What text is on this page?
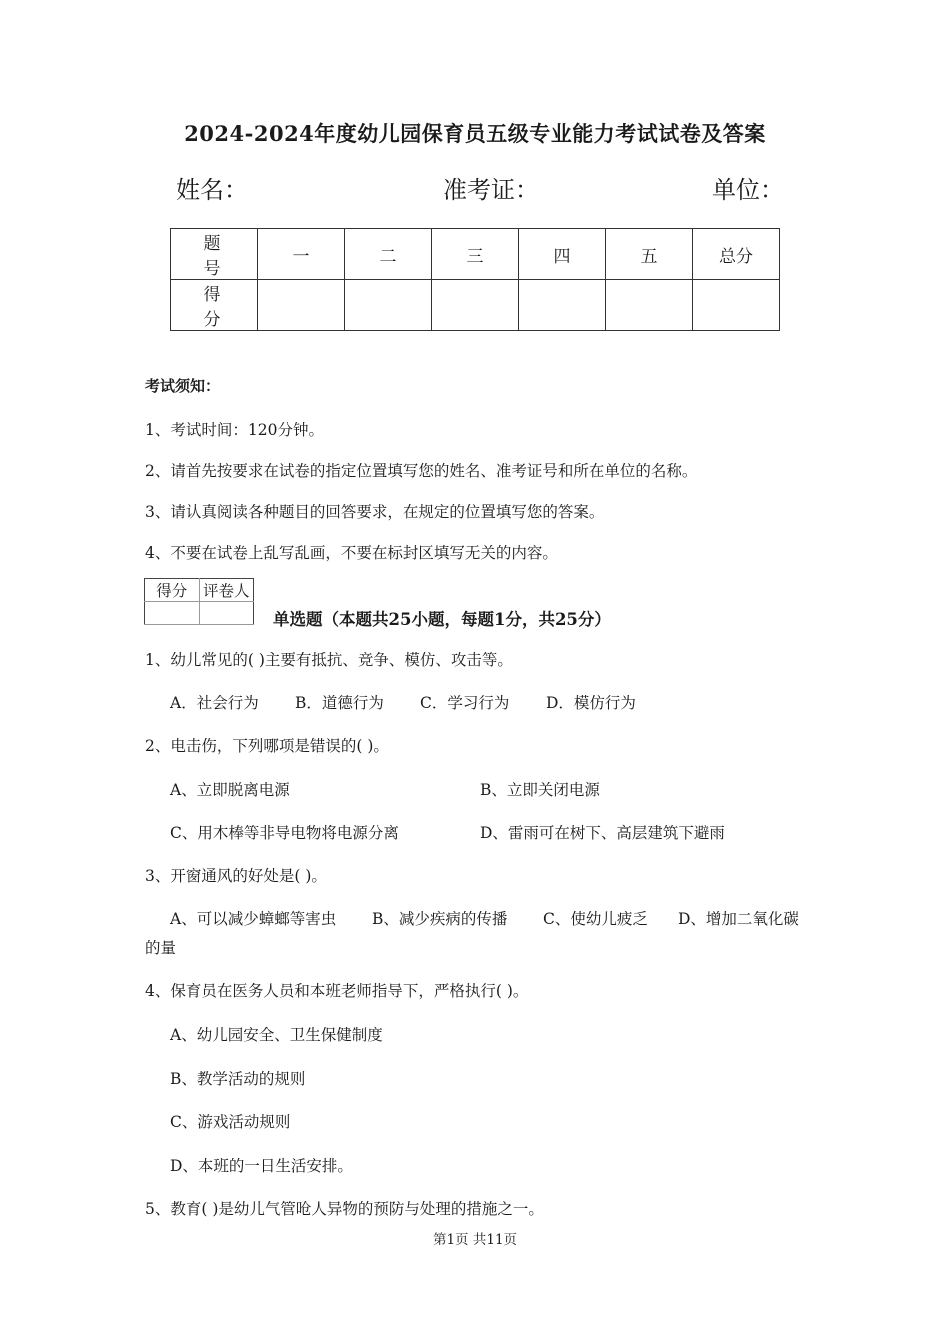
2024-2024年度幼儿园保育员五级专业能力考试试卷及答案
姓名：	准考证：	单位：
题 号	一	二	三	四	五	总分
得 分						
考试须知：
1、考试时间：120分钟。
2、请首先按要求在试卷的指定位置填写您的姓名、准考证号和所在单位的名称。
3、请认真阅读各种题目的回答要求，在规定的位置填写您的答案。
4、不要在试卷上乱写乱画，不要在标封区填写无关的内容。
得分	评卷人

单选题（本题共25小题，每题1分，共25分）
1、幼儿常见的( )主要有抵抗、竞争、模仿、攻击等。
A．社会行为 B．道德行为 C．学习行为 D．模仿行为
2、电击伤，下列哪项是错误的( )。
A、立即脱离电源	B、立即关闭电源
C、用木棒等非导电物将电源分离	D、雷雨可在树下、高层建筑下避雨
3、开窗通风的好处是( )。
A、可以减少蟑螂等害虫 B、减少疾病的传播 C、使幼儿疲乏 D、增加二氧化碳
的量
4、保育员在医务人员和本班老师指导下，严格执行( )。
A、幼儿园安全、卫生保健制度
B、教学活动的规则
C、游戏活动规则
D、本班的一日生活安排。
5、教育( )是幼儿气管呛人异物的预防与处理的措施之一。
第1页 共11页
